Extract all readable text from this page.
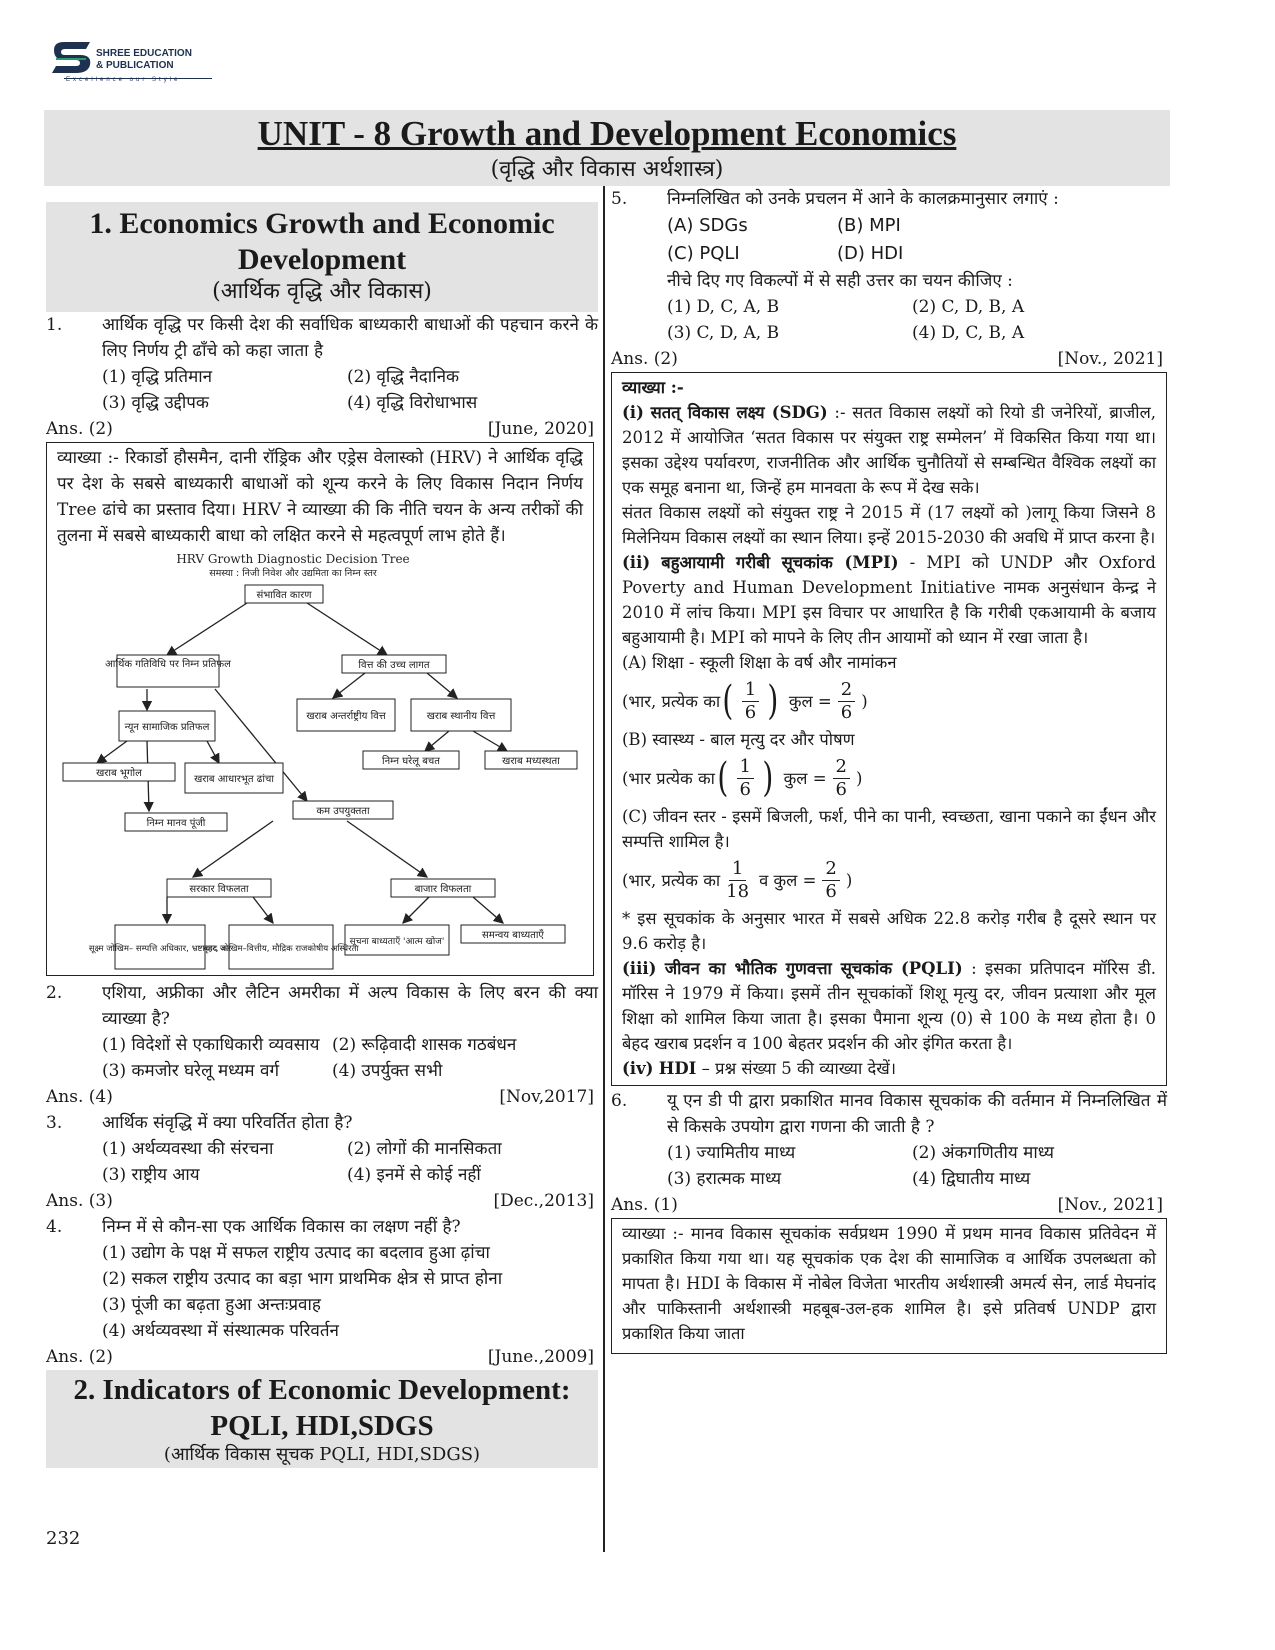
SHREE EDUCATION
& PUBLICATION
Excellence our Style
UNIT - 8 Growth and Development Economics
(वृद्धि और विकास अर्थशास्त्र)
1. Economics Growth and Economic Development
(आर्थिक वृद्धि और विकास)
1.	आर्थिक वृद्धि पर किसी देश की सर्वाधिक बाध्यकारी बाधाओं की पहचान करने के लिए निर्णय ट्री ढाँचे को कहा जाता है
(1) वृद्धि प्रतिमान	(2) वृद्धि नैदानिक
(3) वृद्धि उद्दीपक	(4) वृद्धि विरोधाभास
Ans. (2)	[June, 2020]
व्याख्या :- रिकार्डो हौसमैन, दानी रॉड्रिक और एड्रेस वेलास्को (HRV) ने आर्थिक वृद्धि पर देश के सबसे बाध्यकारी बाधाओं को शून्य करने के लिए विकास निदान निर्णय Tree ढांचे का प्रस्ताव दिया। HRV ने व्याख्या की कि नीति चयन के अन्य तरीकों की तुलना में सबसे बाध्यकारी बाधा को लक्षित करने से महत्वपूर्ण लाभ होते हैं।
HRV Growth Diagnostic Decision Tree
समस्या : निजी निवेश और उद्यमिता का निम्न स्तर
संभावित कारण
आर्थिक गतिविधि पर निम्न प्रतिफल	वित्त की उच्च लागत
खराब अन्तर्राष्ट्रीय वित्त	खराब स्थानीय वित्त
न्यून सामाजिक प्रतिफल
निम्न घरेलू बचत	खराब मध्यस्थता
खराब भूगोल
खराब आधारभूत ढांचा
कम उपयुक्तता
निम्न मानव पूंजी
सरकार विफलता	बाजार विफलता
सूक्ष्म जोखिम– सम्पत्ति अधिकार, भ्रष्टाचार, कर
वृहद जोखिम–वित्तीय, मौद्रिक राजकोषीय अस्थिरता
सूचना बाध्यताएँ 'आत्म खोज'
समन्वय बाध्यताएँ
2.	एशिया, अफ्रीका और लैटिन अमरीका में अल्प विकास के लिए बरन की क्या व्याख्या है?
(1) विदेशों से एकाधिकारी व्यवसाय (2) रूढ़िवादी शासक गठबंधन
(3) कमजोर घरेलू मध्यम वर्ग	(4) उपर्युक्त सभी
Ans. (4)	[Nov,2017]
3.	आर्थिक संवृद्धि में क्या परिवर्तित होता है?
(1) अर्थव्यवस्था की संरचना	(2) लोगों की मानसिकता
(3) राष्ट्रीय आय	(4) इनमें से कोई नहीं
Ans. (3)	[Dec.,2013]
4.	निम्न में से कौन-सा एक आर्थिक विकास का लक्षण नहीं है?
(1) उद्योग के पक्ष में सफल राष्ट्रीय उत्पाद का बदलाव हुआ ढ़ांचा
(2) सकल राष्ट्रीय उत्पाद का बड़ा भाग प्राथमिक क्षेत्र से प्राप्त होना
(3) पूंजी का बढ़ता हुआ अन्तःप्रवाह
(4) अर्थव्यवस्था में संस्थात्मक परिवर्तन
Ans. (2)	[June.,2009]
2. Indicators of Economic Development: PQLI, HDI,SDGS
(आर्थिक विकास सूचक PQLI, HDI,SDGS)
5.	निम्नलिखित को उनके प्रचलन में आने के कालक्रमानुसार लगाएं :
(A) SDGs	(B) MPI
(C) PQLI	(D) HDI
नीचे दिए गए विकल्पों में से सही उत्तर का चयन कीजिए :
(1) D, C, A, B	(2) C, D, B, A
(3) C, D, A, B	(4) D, C, B, A
Ans. (2)	[Nov., 2021]
व्याख्या :-
(i) सतत् विकास लक्ष्य (SDG) :- सतत विकास लक्ष्यों को रियो डी जनेरियों, ब्राजील, 2012 में आयोजित ‘सतत विकास पर संयुक्त राष्ट्र सम्मेलन’ में विकसित किया गया था। इसका उद्देश्य पर्यावरण, राजनीतिक और आर्थिक चुनौतियों से सम्बन्धित वैश्विक लक्ष्यों का एक समूह बनाना था, जिन्हें हम मानवता के रूप में देख सके।
संतत विकास लक्ष्यों को संयुक्त राष्ट्र ने 2015 में (17 लक्ष्यों को )लागू किया जिसने 8 मिलेनियम विकास लक्ष्यों का स्थान लिया। इन्हें 2015-2030 की अवधि में प्राप्त करना है।
(ii) बहुआयामी गरीबी सूचकांक (MPI) - MPI को UNDP और Oxford Poverty and Human Development Initiative नामक अनुसंधान केन्द्र ने 2010 में लांच किया। MPI इस विचार पर आधारित है कि गरीबी एकआयामी के बजाय बहुआयामी है। MPI को मापने के लिए तीन आयामों को ध्यान में रखा जाता है।
(A) शिक्षा - स्कूली शिक्षा के वर्ष और नामांकन
(भार, प्रत्येक का ( $\frac{1}{6}$ ) कुल = $\frac{2}{6}$ )
(B) स्वास्थ्य - बाल मृत्यु दर और पोषण
(भार प्रत्येक का ( $\frac{1}{6}$ ) कुल = $\frac{2}{6}$ )
(C) जीवन स्तर - इसमें बिजली, फर्श, पीने का पानी, स्वच्छता, खाना पकाने का ईंधन और सम्पत्ति शामिल है।
(भार, प्रत्येक का $\frac{1}{18}$ व कुल = $\frac{2}{6}$ )
* इस सूचकांक के अनुसार भारत में सबसे अधिक 22.8 करोड़ गरीब है दूसरे स्थान पर 9.6 करोड़ है।
(iii) जीवन का भौतिक गुणवत्ता सूचकांक (PQLI) : इसका प्रतिपादन मॉरिस डी. मॉरिस ने 1979 में किया। इसमें तीन सूचकांकों शिशू मृत्यु दर, जीवन प्रत्याशा और मूल शिक्षा को शामिल किया जाता है। इसका पैमाना शून्य (0) से 100 के मध्य होता है। 0 बेहद खराब प्रदर्शन व 100 बेहतर प्रदर्शन की ओर इंगित करता है।
(iv) HDI – प्रश्न संख्या 5 की व्याख्या देखें।
6.	यू एन डी पी द्वारा प्रकाशित मानव विकास सूचकांक की वर्तमान में निम्नलिखित में से किसके उपयोग द्वारा गणना की जाती है ?
(1) ज्यामितीय माध्य	(2) अंकगणितीय माध्य
(3) हरात्मक माध्य	(4) द्विघातीय माध्य
Ans. (1)	[Nov., 2021]
व्याख्या :- मानव विकास सूचकांक सर्वप्रथम 1990 में प्रथम मानव विकास प्रतिवेदन में प्रकाशित किया गया था। यह सूचकांक एक देश की सामाजिक व आर्थिक उपलब्धता को मापता है। HDI के विकास में नोबेल विजेता भारतीय अर्थशास्त्री अमर्त्य सेन, लार्ड मेघनांद और पाकिस्तानी अर्थशास्त्री महबूब-उल-हक शामिल है। इसे प्रतिवर्ष UNDP द्वारा प्रकाशित किया जाता
232
